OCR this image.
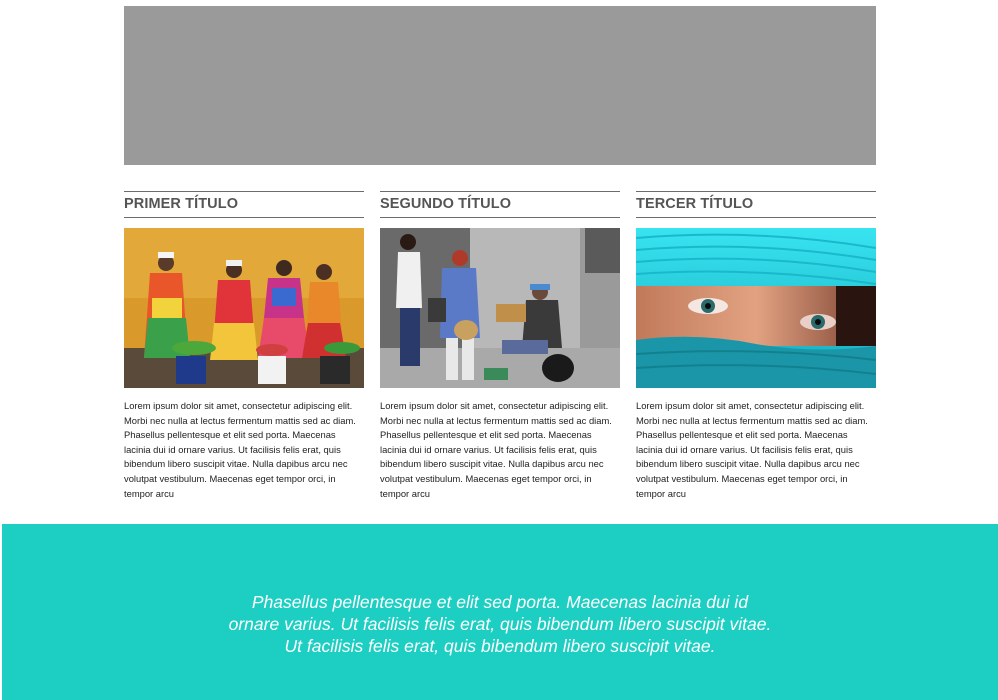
PRIMER TÍTULO
Lorem ipsum dolor sit amet, consectetur adipiscing elit. Morbi nec nulla at lectus fermentum mattis sed ac diam. Phasellus pellentesque et elit sed porta. Maecenas lacinia dui id ornare varius. Ut facilisis felis erat, quis bibendum libero suscipit vitae. Nulla dapibus arcu nec volutpat vestibulum. Maecenas eget tempor orci, in tempor arcu
SEGUNDO TÍTULO
Lorem ipsum dolor sit amet, consectetur adipiscing elit. Morbi nec nulla at lectus fermentum mattis sed ac diam. Phasellus pellentesque et elit sed porta. Maecenas lacinia dui id ornare varius. Ut facilisis felis erat, quis bibendum libero suscipit vitae. Nulla dapibus arcu nec volutpat vestibulum. Maecenas eget tempor orci, in tempor arcu
TERCER TÍTULO
Lorem ipsum dolor sit amet, consectetur adipiscing elit. Morbi nec nulla at lectus fermentum mattis sed ac diam. Phasellus pellentesque et elit sed porta. Maecenas lacinia dui id ornare varius. Ut facilisis felis erat, quis bibendum libero suscipit vitae. Nulla dapibus arcu nec volutpat vestibulum. Maecenas eget tempor orci, in tempor arcu
Phasellus pellentesque et elit sed porta. Maecenas lacinia dui id
ornare varius. Ut facilisis felis erat, quis bibendum libero suscipit vitae.
Ut facilisis felis erat, quis bibendum libero suscipit vitae.
